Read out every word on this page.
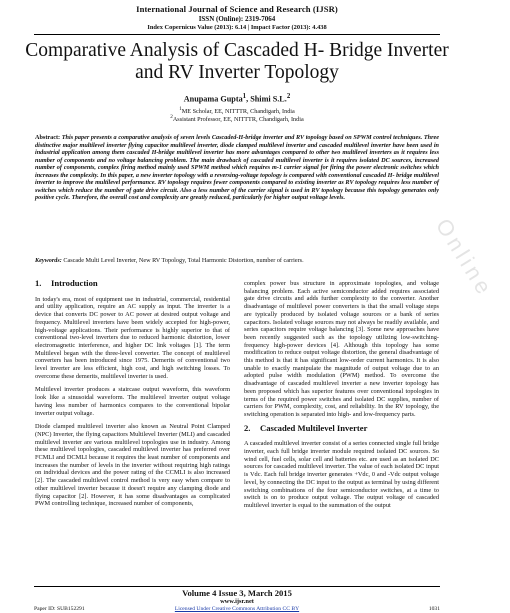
International Journal of Science and Research (IJSR)
ISSN (Online): 2319-7064
Index Copernicus Value (2013): 6.14 | Impact Factor (2013): 4.438
Comparative Analysis of Cascaded H- Bridge Inverter and RV Inverter Topology
Anupama Gupta$^1$, Shimi S.L.$^2$
$^1$ME Scholar, EE, NITTTR, Chandigarh, India
$^2$Assistant Professor, EE, NITTTR, Chandigarh, India
Abstract: This paper presents a comparative analysis of seven levels Cascaded-H-bridge inverter and RV topology based on SPWM control techniques. Three distinctive major multilevel inverter flying capacitor multilevel inverter, diode clamped multilevel inverter and cascaded multilevel inverter have been used in industrial application among them cascaded H-bridge multilevel inverter has more advantages compared to other two multilevel inverters as it requires less number of components and no voltage balancing problem. The main drawback of cascaded multilevel inverter is it requires isolated DC sources, increased number of components, complex firing method mainly used SPWM method which requires m-1 carrier signal for firing the power electronic switches which increases the complexity. In this paper, a new inverter topology with a reversing-voltage topology is compared with conventional cascaded H- bridge multilevel inverter to improve the multilevel performance. RV topology requires fewer components compared to existing inverter as RV topology requires less number of switches which reduce the number of gate drive circuit. Also a less number of the carrier signal is used in RV topology because this topology generates only positive cycle. Therefore, the overall cost and complexity are greatly reduced, particularly for higher output voltage levels.
Keywords: Cascade Multi Level Inverter, New RV Topology, Total Harmonic Distortion, number of carriers.	Online
1. Introduction

In today's era, most of equipment use in industrial, commercial, residential and utility application, require an AC supply as input. The inverter is a device that converts DC power to AC power at desired output voltage and frequency. Multilevel inverters have been widely accepted for high-power, high-voltage applications. Their performance is highly superior to that of conventional two-level inverters due to reduced harmonic distortion, lower electromagnetic interference, and higher DC link voltages [1]. The term Multilevel began with the three-level converter. The concept of multilevel converters has been introduced since 1975. Demerits of conventional two level inverter are less efficient, high cost, and high switching losses. To overcome these demerits, multilevel inverter is used.

Multilevel inverter produces a staircase output waveform, this waveform look like a sinusoidal waveform. The multilevel inverter output voltage having less number of harmonics compares to the conventional bipolar inverter output voltage.

Diode clamped multilevel inverter also known as Neutral Point Clamped (NPC) Inverter, the flying capacitors Multilevel Inverter (MLI) and cascaded multilevel inverter are various multilevel topologies use in industry. Among these multilevel topologies, cascaded multilevel inverter has preferred over FCMLI and DCMLI because it requires the least number of components and increases the number of levels in the inverter without requiring high ratings on individual devices and the power rating of the CCMLI is also increased [2]. The cascaded multilevel control method is very easy when compare to other multilevel inverter because it doesn't require any clamping diode and flying capacitor [2]. However, it has some disadvantages as complicated PWM controlling technique, increased number of components,

complex power bus structure in approximate topologies, and voltage balancing problem. Each active semiconductor added requires associated gate drive circuits and adds further complexity to the converter. Another disadvantage of multilevel power converters is that the small voltage steps are typically produced by isolated voltage sources or a bank of series capacitors. Isolated voltage sources may not always be readily available, and series capacitors require voltage balancing [3]. Some new approaches have been recently suggested such as the topology utilizing low-switching-frequency high-power devices [4]. Although this topology has some modification to reduce output voltage distortion, the general disadvantage of this method is that it has significant low-order current harmonics. It is also unable to exactly manipulate the magnitude of output voltage due to an adopted pulse width modulation (PWM) method. To overcome the disadvantage of cascaded multilevel inverter a new inverter topology has been proposed which has superior features over conventional topologies in terms of the required power switches and isolated DC supplies, number of carriers for PWM, complexity, cost, and reliability. In the RV topology, the switching operation is separated into high- and low-frequency parts.

2. Cascaded Multilevel Inverter

A cascaded multilevel inverter consist of a series connected single full bridge inverter, each full bridge inverter module required isolated DC sources. So wind cell, fuel cells, solar cell and batteries etc. are used as an isolated DC sources for cascaded multilevel inverter. The value of each isolated DC input is Vdc. Each full bridge inverter generates +Vdc, 0 and -Vdc output voltage level, by connecting the DC input to the output as terminal by using different switching combinations of the four semiconductor switches, at a time to switch is on to produce output voltage. The output voltage of cascaded multilevel inverter is equal to the summation of the output

Volume 4 Issue 3, March 2015
www.ijsr.net
Paper ID: SUB152291	Licensed Under Creative Commons Attribution CC BY	1031
